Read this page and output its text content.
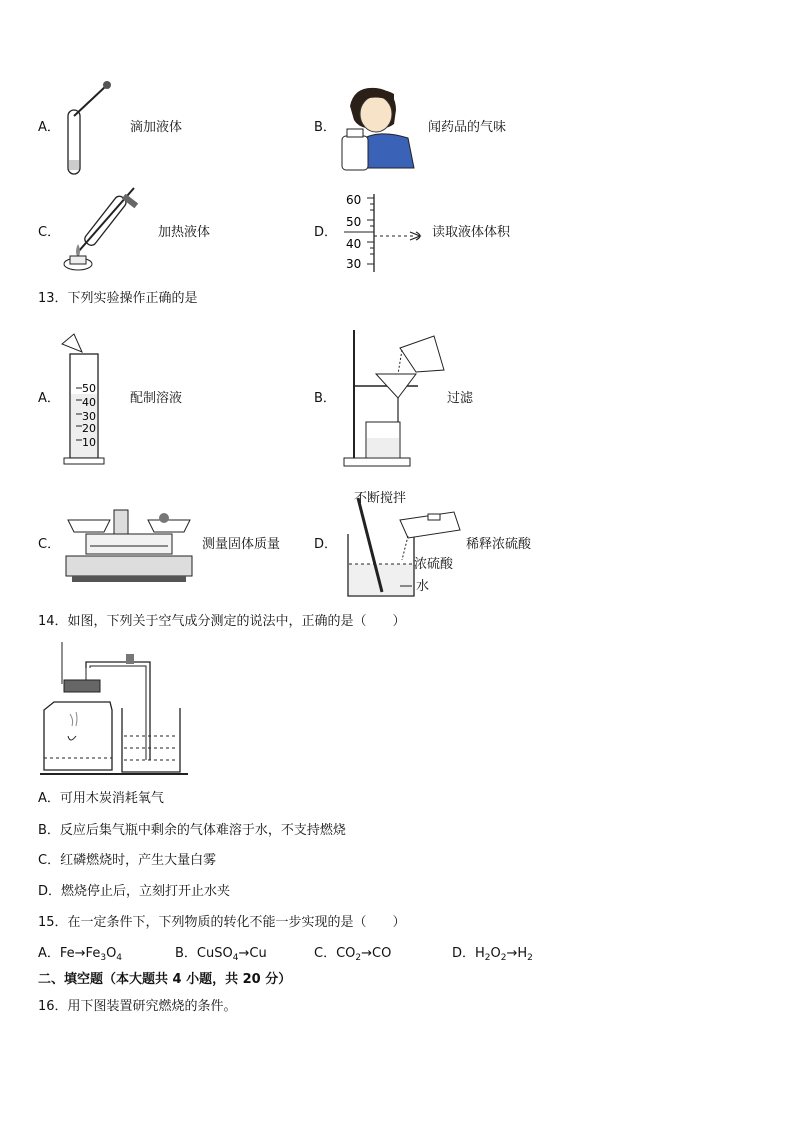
A．	滴加液体	B．	闻药品的气味
C．	加热液体	D．
60
50
40
30
读取液体体积
13．下列实验操作正确的是
A．
50
40
30
20
10
配制溶液	B．	过滤
C．	测量固体质量	D．
不断搅拌
稀释浓硫酸
浓硫酸
水
14．如图，下列关于空气成分测定的说法中，正确的是（　　）
A．可用木炭消耗氧气
B．反应后集气瓶中剩余的气体难溶于水，不支持燃烧
C．红磷燃烧时，产生大量白雾
D．燃烧停止后，立刻打开止水夹
15．在一定条件下，下列物质的转化不能一步实现的是（　　）
A．$Fe\to Fe_3O_4$	B．CuSO$_4$→Cu	C．$CO_2\to CO$	D．$H_2O_2\to H_2$
二、填空题（本大题共 4 小题，共 20 分）
16．用下图装置研究燃烧的条件。
